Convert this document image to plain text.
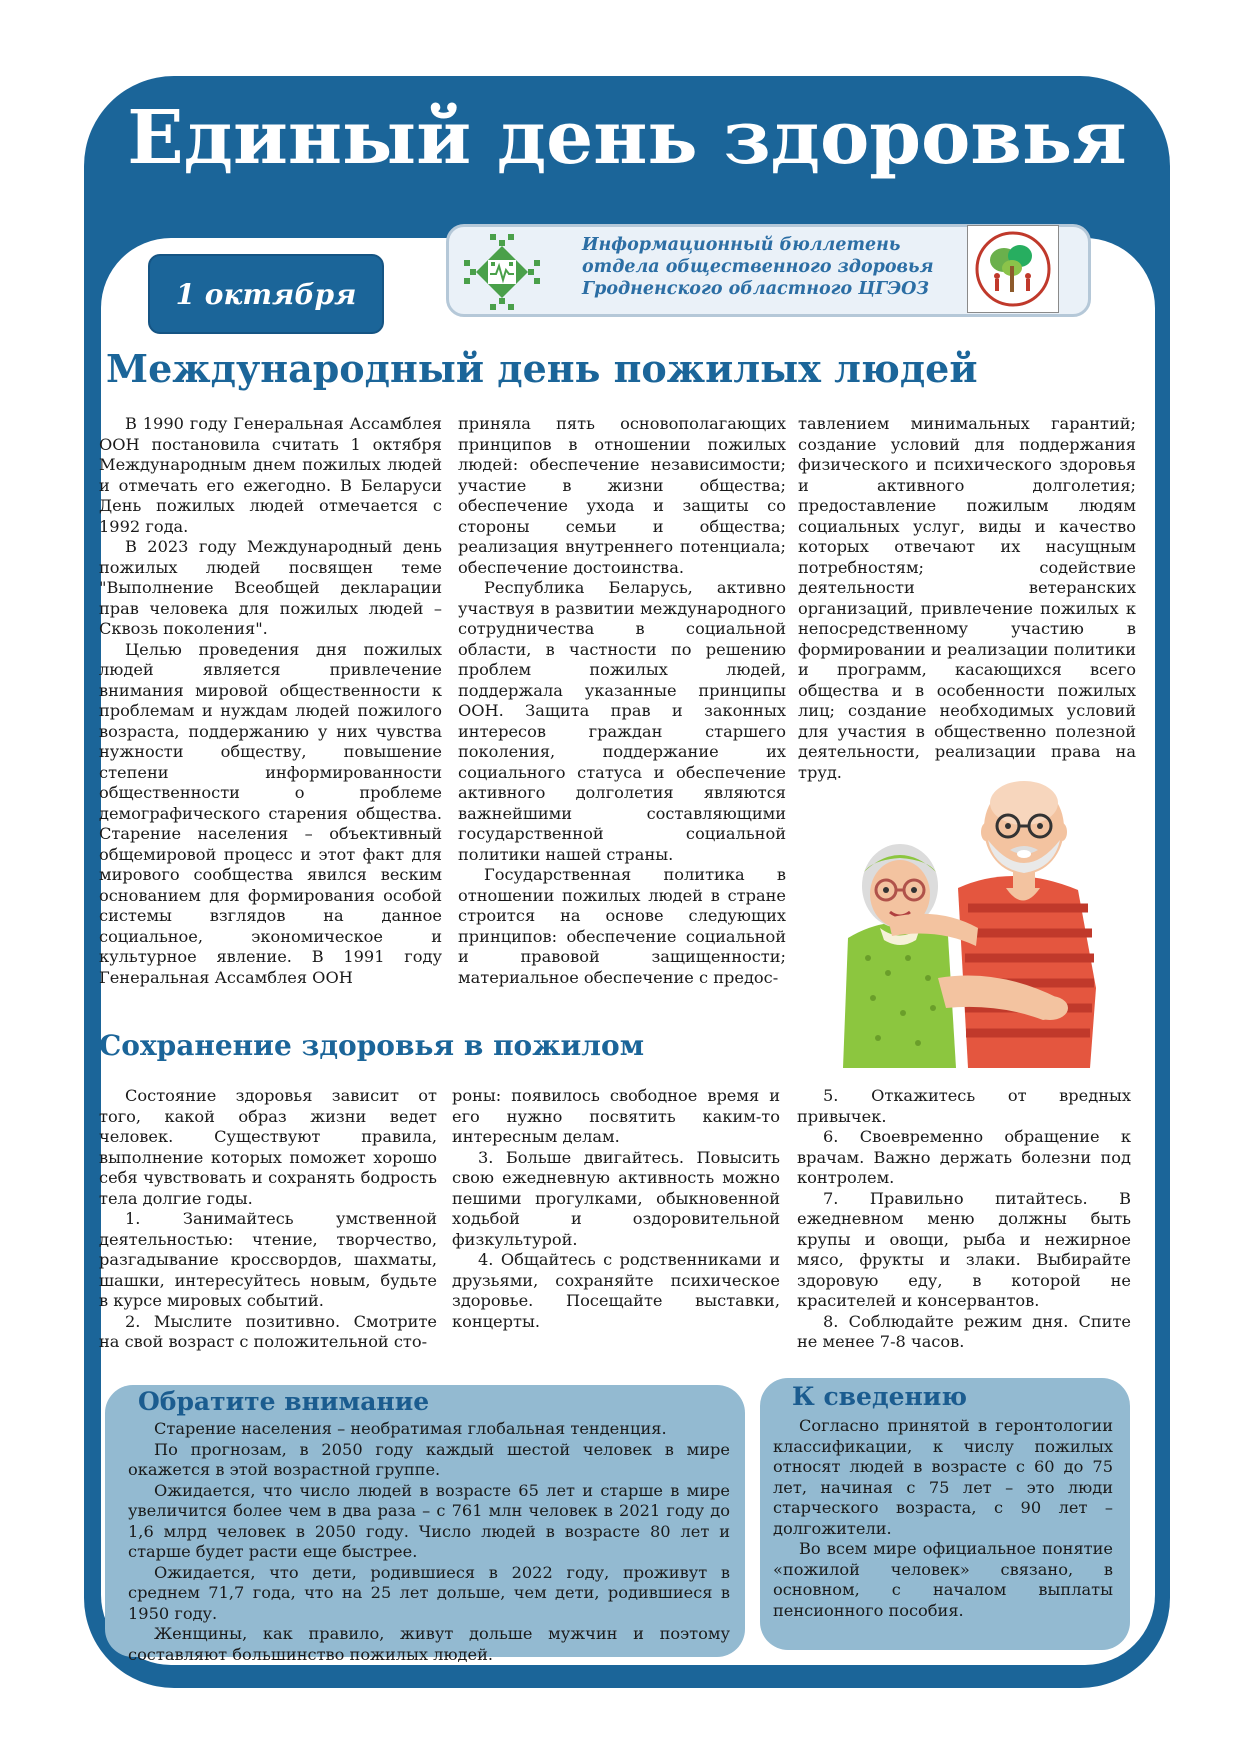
Единый день здоровья
1 октября
Информационный бюллетень
отдела общественного здоровья
Гродненского областного ЦГЭОЗ
Международный день пожилых людей

В 1990 году Генеральная Ассамблея ООН постановила считать 1 октября Международным днем пожилых людей и отмечать его ежегодно. В Беларуси День пожилых людей отмечается с 1992 года.

В 2023 году Международный день пожилых людей посвящен теме "Выполнение Всеобщей декларации прав человека для пожилых людей – Сквозь поколения".

Целью проведения дня пожилых людей является привлечение внимания мировой общественности к проблемам и нуждам людей пожилого возраста, поддержанию у них чувства нужности обществу, повышение степени информированности общественности о проблеме демографического старения общества. Старение населения – объективный общемировой процесс и этот факт для мирового сообщества явился веским основанием для формирования особой системы взглядов на данное социальное, экономическое и культурное явление. В 1991 году Генеральная Ассамблея ООН

приняла пять основополагающих принципов в отношении пожилых людей: обеспечение независимости; участие в жизни общества; обеспечение ухода и защиты со стороны семьи и общества; реализация внутреннего потенциала; обеспечение достоинства.

Республика Беларусь, активно участвуя в развитии международного сотрудничества в социальной области, в частности по решению проблем пожилых людей, поддержала указанные принципы ООН. Защита прав и законных интересов граждан старшего поколения, поддержание их социального статуса и обеспечение активного долголетия являются важнейшими составляющими государственной социальной политики нашей страны.

Государственная политика в отношении пожилых людей в стране строится на основе следующих принципов: обеспечение социальной и правовой защищенности; материальное обеспечение с предос-

тавлением минимальных гарантий; создание условий для поддержания физического и психического здоровья и активного долголетия; предоставление пожилым людям социальных услуг, виды и качество которых отвечают их насущным потребностям; содействие деятельности ветеранских организаций, привлечение пожилых к непосредственному участию в формировании и реализации политики и программ, касающихся всего общества и в особенности пожилых лиц; создание необходимых условий для участия в общественно полезной деятельности, реализации права на труд.

Сохранение здоровья в пожилом

Состояние здоровья зависит от того, какой образ жизни ведет человек. Существуют правила, выполнение которых поможет хорошо себя чувствовать и сохранять бодрость тела долгие годы.

1. Занимайтесь умственной деятельностью: чтение, творчество, разгадывание кроссвордов, шахматы, шашки, интересуйтесь новым, будьте в курсе мировых событий.

2. Мыслите позитивно. Смотрите на свой возраст с положительной сто-

роны: появилось свободное время и его нужно посвятить каким-то интересным делам.

3. Больше двигайтесь. Повысить свою ежедневную активность можно пешими прогулками, обыкновенной ходьбой и оздоровительной физкультурой.

4. Общайтесь с родственниками и друзьями, сохраняйте психическое здоровье. Посещайте выставки, концерты.

5. Откажитесь от вредных привычек.

6. Своевременно обращение к врачам. Важно держать болезни под контролем.

7. Правильно питайтесь. В ежедневном меню должны быть крупы и овощи, рыба и нежирное мясо, фрукты и злаки. Выбирайте здоровую еду, в которой не красителей и консервантов.

8. Соблюдайте режим дня. Спите не менее 7-8 часов.

Обратите внимание

Старение населения – необратимая глобальная тенденция.

По прогнозам, в 2050 году каждый шестой человек в мире окажется в этой возрастной группе.

Ожидается, что число людей в возрасте 65 лет и старше в мире увеличится более чем в два раза – с 761 млн человек в 2021 году до 1,6 млрд человек в 2050 году. Число людей в возрасте 80 лет и старше будет расти еще быстрее.

Ожидается, что дети, родившиеся в 2022 году, проживут в среднем 71,7 года, что на 25 лет дольше, чем дети, родившиеся в 1950 году.

Женщины, как правило, живут дольше мужчин и поэтому составляют большинство пожилых людей.

К сведению

Согласно принятой в геронтологии классификации, к числу пожилых относят людей в возрасте с 60 до 75 лет, начиная с 75 лет – это люди старческого возраста, с 90 лет – долгожители.

Во всем мире официальное понятие «пожилой человек» связано, в основном, с началом выплаты пенсионного пособия.
